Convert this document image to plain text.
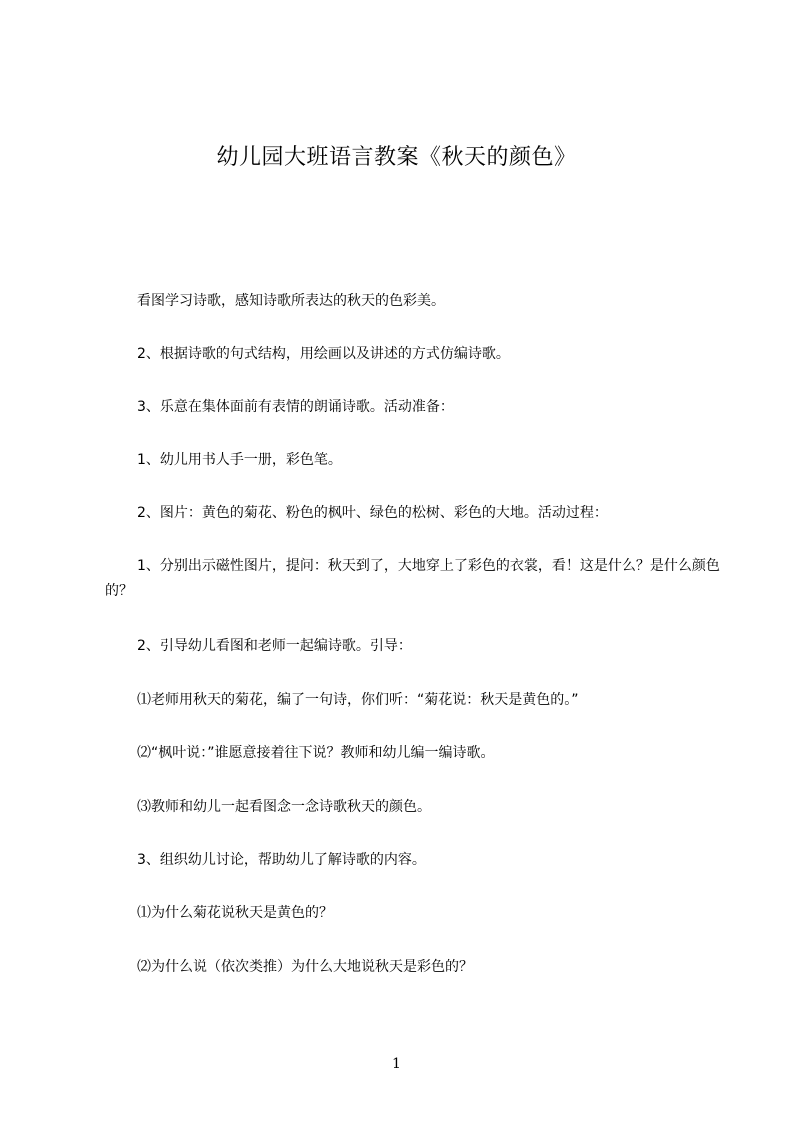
幼儿园大班语言教案《秋天的颜色》
看图学习诗歌，感知诗歌所表达的秋天的色彩美。
2、根据诗歌的句式结构，用绘画以及讲述的方式仿编诗歌。
3、乐意在集体面前有表情的朗诵诗歌。活动准备：
1、幼儿用书人手一册，彩色笔。
2、图片：黄色的菊花、粉色的枫叶、绿色的松树、彩色的大地。活动过程：
1、分别出示磁性图片，提问：秋天到了，大地穿上了彩色的衣裳，看！这是什么？是什么颜色的？
2、引导幼儿看图和老师一起编诗歌。引导：
⑴老师用秋天的菊花，编了一句诗，你们听：“菊花说：秋天是黄色的。”
⑵“枫叶说：”谁愿意接着往下说？教师和幼儿编一编诗歌。
⑶教师和幼儿一起看图念一念诗歌秋天的颜色。
3、组织幼儿讨论，帮助幼儿了解诗歌的内容。
⑴为什么菊花说秋天是黄色的？
⑵为什么说（依次类推）为什么大地说秋天是彩色的？
1
